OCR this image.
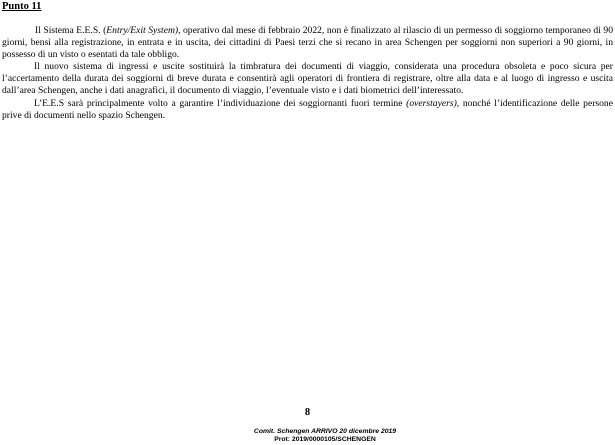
Punto 11

Il Sistema E.E.S. (Entry/Exit System), operativo dal mese di febbraio 2022, non è finalizzato al rilascio di un permesso di soggiorno temporaneo di 90 giorni, bensì alla registrazione, in entrata e in uscita, dei cittadini di Paesi terzi che si recano in area Schengen per soggiorni non superiori a 90 giorni, in possesso di un visto o esentati da tale obbligo.

Il nuovo sistema di ingressi e uscite sostituirà la timbratura dei documenti di viaggio, considerata una procedura obsoleta e poco sicura per l’accertamento della durata dei soggiorni di breve durata e consentirà agli operatori di frontiera di registrare, oltre alla data e al luogo di ingresso e uscita dall’area Schengen, anche i dati anagrafici, il documento di viaggio, l’eventuale visto e i dati biometrici dell’interessato.

L’E.E.S sarà principalmente volto a garantire l’individuazione dei soggiornanti fuori termine (overstayers), nonché l’identificazione delle persone prive di documenti nello spazio Schengen.

8
Comit. Schengen ARRIVO 20 dicembre 2019
Prot: 2019/0000105/SCHENGEN
